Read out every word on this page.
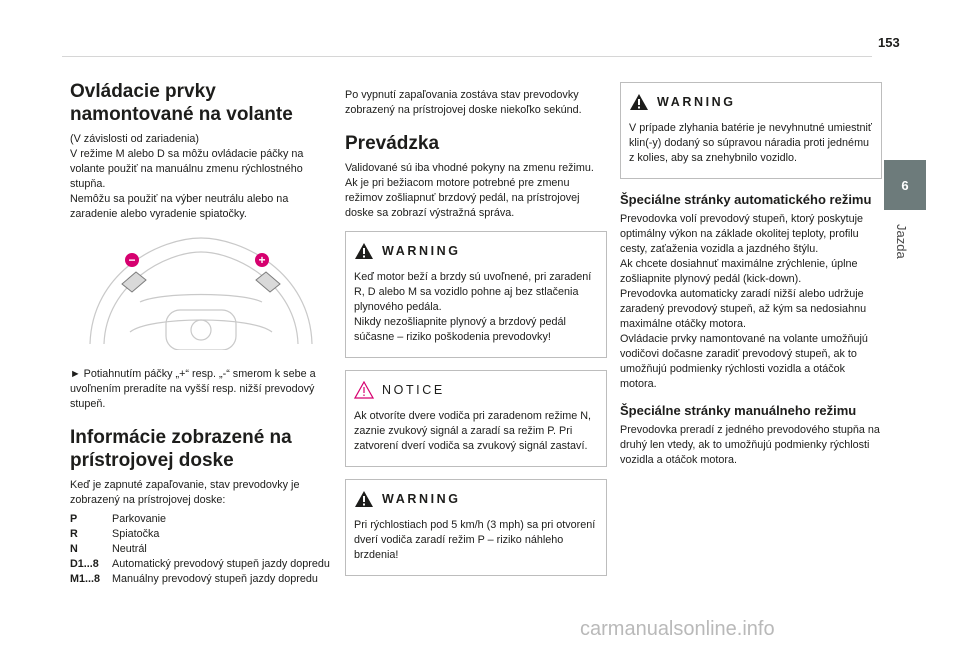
153
6
Jazda
Ovládacie prvky namontované na volante

(V závislosti od zariadenia)
V režime M alebo D sa môžu ovládacie páčky na volante použiť na manuálnu zmenu rýchlostného stupňa.
Nemôžu sa použiť na výber neutrálu alebo na zaradenie alebo vyradenie spiatočky.

−	+

► Potiahnutím páčky „+“ resp. „-“ smerom k sebe a uvoľnením preradíte na vyšší resp. nižší prevodový stupeň.

Informácie zobrazené na prístrojovej doske

Keď je zapnuté zapaľovanie, stav prevodovky je zobrazený na prístrojovej doske:

P	Parkovanie
R	Spiatočka
N	Neutrál
D1...8	Automatický prevodový stupeň jazdy dopredu
M1...8	Manuálny prevodový stupeň jazdy dopredu

Po vypnutí zapaľovania zostáva stav prevodovky zobrazený na prístrojovej doske niekoľko sekúnd.

Prevádzka

Validované sú iba vhodné pokyny na zmenu režimu.
Ak je pri bežiacom motore potrebné pre zmenu režimov zošliapnuť brzdový pedál, na prístrojovej doske sa zobrazí výstražná správa.

WARNING

Keď motor beží a brzdy sú uvoľnené, pri zaradení R, D alebo M sa vozidlo pohne aj bez stlačenia plynového pedála.
Nikdy nezošliapnite plynový a brzdový pedál súčasne – riziko poškodenia prevodovky!

NOTICE

Ak otvoríte dvere vodiča pri zaradenom režime N, zaznie zvukový signál a zaradí sa režim P. Pri zatvorení dverí vodiča sa zvukový signál zastaví.

WARNING

Pri rýchlostiach pod 5 km/h (3 mph) sa pri otvorení dverí vodiča zaradí režim P – riziko náhleho brzdenia!

WARNING

V prípade zlyhania batérie je nevyhnutné umiestniť klin(-y) dodaný so súpravou náradia proti jednému z kolies, aby sa znehybnilo vozidlo.

Špeciálne stránky automatického režimu

Prevodovka volí prevodový stupeň, ktorý poskytuje optimálny výkon na základe okolitej teploty, profilu cesty, zaťaženia vozidla a jazdného štýlu.
Ak chcete dosiahnuť maximálne zrýchlenie, úplne zošliapnite plynový pedál (kick-down).
Prevodovka automaticky zaradí nižší alebo udržuje zaradený prevodový stupeň, až kým sa nedosiahnu maximálne otáčky motora.
Ovládacie prvky namontované na volante umožňujú vodičovi dočasne zaradiť prevodový stupeň, ak to umožňujú podmienky rýchlosti vozidla a otáčok motora.

Špeciálne stránky manuálneho režimu

Prevodovka preradí z jedného prevodového stupňa na druhý len vtedy, ak to umožňujú podmienky rýchlosti vozidla a otáčok motora.

carmanualsonline.info
